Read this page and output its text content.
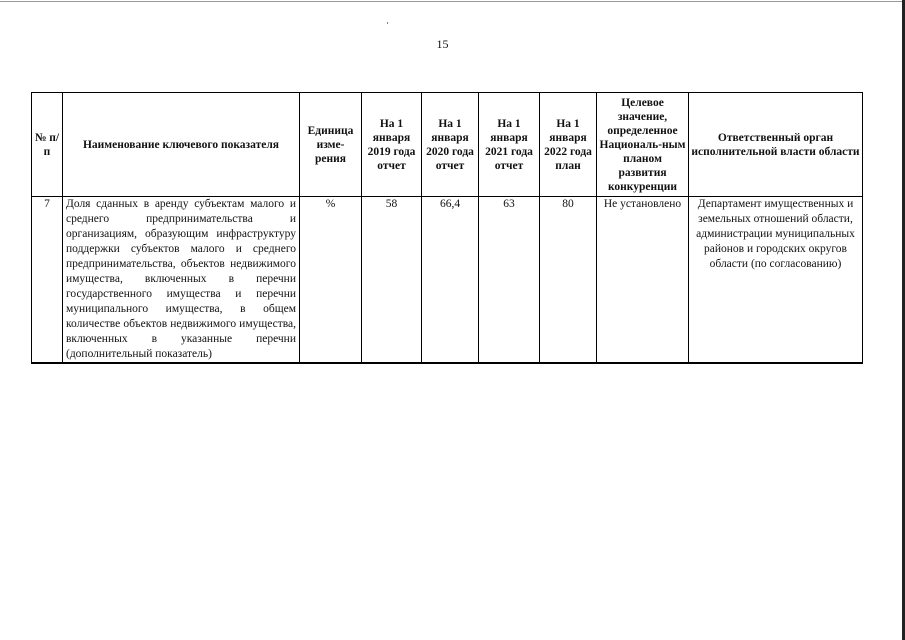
15
№ п/п	Наименование ключевого показателя	Единица изме-рения	На 1 января 2019 года отчет	На 1 января 2020 года отчет	На 1 января 2021 года отчет	На 1 января 2022 года план	Целевое значение, определенное Националь-ным планом развития конкуренции	Ответственный орган исполнительной власти области
7	Доля сданных в аренду субъектам малого и среднего предпринимательства и организациям, образующим инфраструктуру поддержки субъектов малого и среднего предпринимательства, объектов недвижимого имущества, включенных в перечни государственного имущества и перечни муниципального имущества, в общем количестве объектов недвижимого имущества, включенных в указанные перечни (дополнительный показатель)	%	58	66,4	63	80	Не установлено	Департамент имущественных и земельных отношений области, администрации муниципальных районов и городских округов области (по согласованию)
